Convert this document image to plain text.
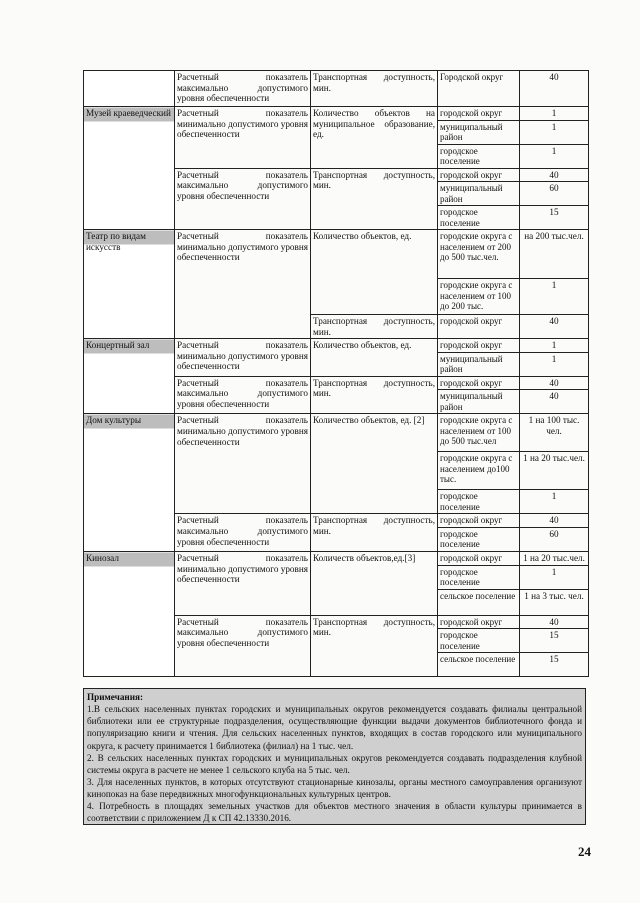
	Расчетный показатель максимально допустимого уровня обеспеченности	Транспортная доступность, мин.	Городской округ	40
Музей краеведческий	Расчетный показатель минимально допустимого уровня обеспеченности	Количество объектов на муниципальное образование, ед.	городской округ	1
			муниципальный район	1
			городское поселение	1
	Расчетный показатель максимально допустимого уровня обеспеченности	Транспортная доступность, мин.	городской округ	40
			муниципальный район	60
			городское поселение	15
Театр по видам искусств	Расчетный показатель минимально допустимого уровня обеспеченности	Количество объектов, ед.	городские округа с населением от 200 до 500 тыс.чел.	на 200 тыс.чел.
			городские округа с населением от 100 до 200 тыс.	1
		Транспортная доступность, мин.	городской округ	40
Концертный зал	Расчетный показатель минимально допустимого уровня обеспеченности	Количество объектов, ед.	городской округ	1
			муниципальный район	1
	Расчетный показатель максимально допустимого уровня обеспеченности	Транспортная доступность, мин.	городской округ	40
			муниципальный район	40
Дом культуры	Расчетный показатель минимально допустимого уровня обеспеченности	Количество объектов, ед. [2]	городские округа с населением от 100 до 500 тыс.чел	1 на 100 тыс. чел.
			городские округа с населением до100 тыс.	1 на 20 тыс.чел.
			городское поселение	1
	Расчетный показатель максимально допустимого уровня обеспеченности	Транспортная доступность, мин.	городской округ	40
			городское поселение	60
Кинозал	Расчетный показатель минимально допустимого уровня обеспеченности	Количеств объектов,ед.[3]	городской округ	1 на 20 тыс.чел.
			городское поселение	1
			сельское поселение	1 на 3 тыс. чел.
	Расчетный показатель максимально допустимого уровня обеспеченности	Транспортная доступность, мин.	городской округ	40
			городское поселение	15
			сельское поселение	15
Примечания:
1.В сельских населенных пунктах городских и муниципальных округов рекомендуется создавать филиалы центральной библиотеки или ее структурные подразделения, осуществляющие функции выдачи документов библиотечного фонда и популяризацию книги и чтения. Для сельских населенных пунктов, входящих в состав городского или муниципального округа, к расчету принимается 1 библиотека (филиал) на 1 тыс. чел.
2. В сельских населенных пунктах городских и муниципальных округов рекомендуется создавать подразделения клубной системы округа в расчете не менее 1 сельского клуба на 5 тыс. чел.
3. Для населенных пунктов, в которых отсутствуют стационарные кинозалы, органы местного самоуправления организуют кинопоказ на базе передвижных многофункциональных культурных центров.
4. Потребность в площадях земельных участков для объектов местного значения в области культуры принимается в соответствии с приложением Д к СП 42.13330.2016.
24
